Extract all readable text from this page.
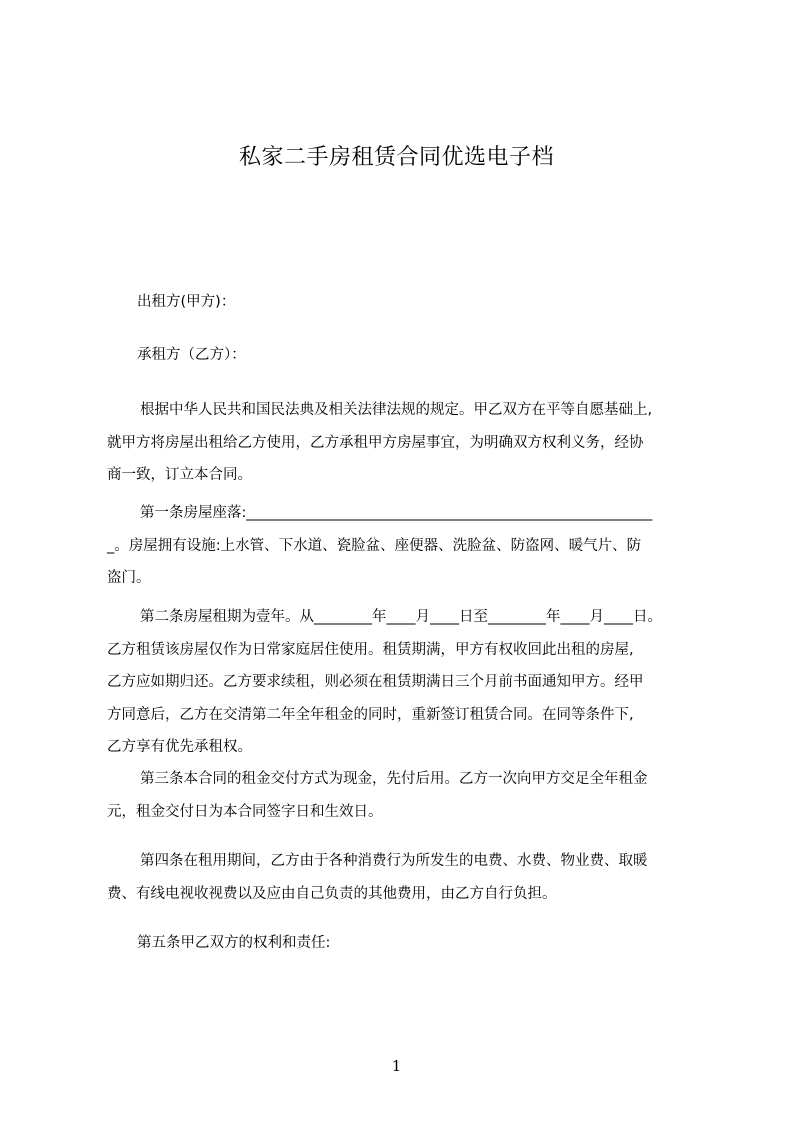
私家二手房租赁合同优选电子档
出租方(甲方)：
承租方（乙方）：
根据中华人民共和国民法典及相关法律法规的规定。甲乙双方在平等自愿基础上,
就甲方将房屋出租给乙方使用，乙方承租甲方房屋事宜，为明确双方权利义务，经协
商一致，订立本合同。
第一条房屋座落:________________________________________________________
_。房屋拥有设施:上水管、下水道、瓷脸盆、座便器、洗脸盆、防盗网、暖气片、防
盗门。
第二条房屋租期为壹年。从________年____月____日至________年____月____日。
乙方租赁该房屋仅作为日常家庭居住使用。租赁期满，甲方有权收回此出租的房屋,
乙方应如期归还。乙方要求续租，则必须在租赁期满日三个月前书面通知甲方。经甲
方同意后，乙方在交清第二年全年租金的同时，重新签订租赁合同。在同等条件下,
乙方享有优先承租权。
第三条本合同的租金交付方式为现金，先付后用。乙方一次向甲方交足全年租金
元，租金交付日为本合同签字日和生效日。
第四条在租用期间，乙方由于各种消费行为所发生的电费、水费、物业费、取暖
费、有线电视收视费以及应由自己负责的其他费用，由乙方自行负担。
第五条甲乙双方的权利和责任:
1
